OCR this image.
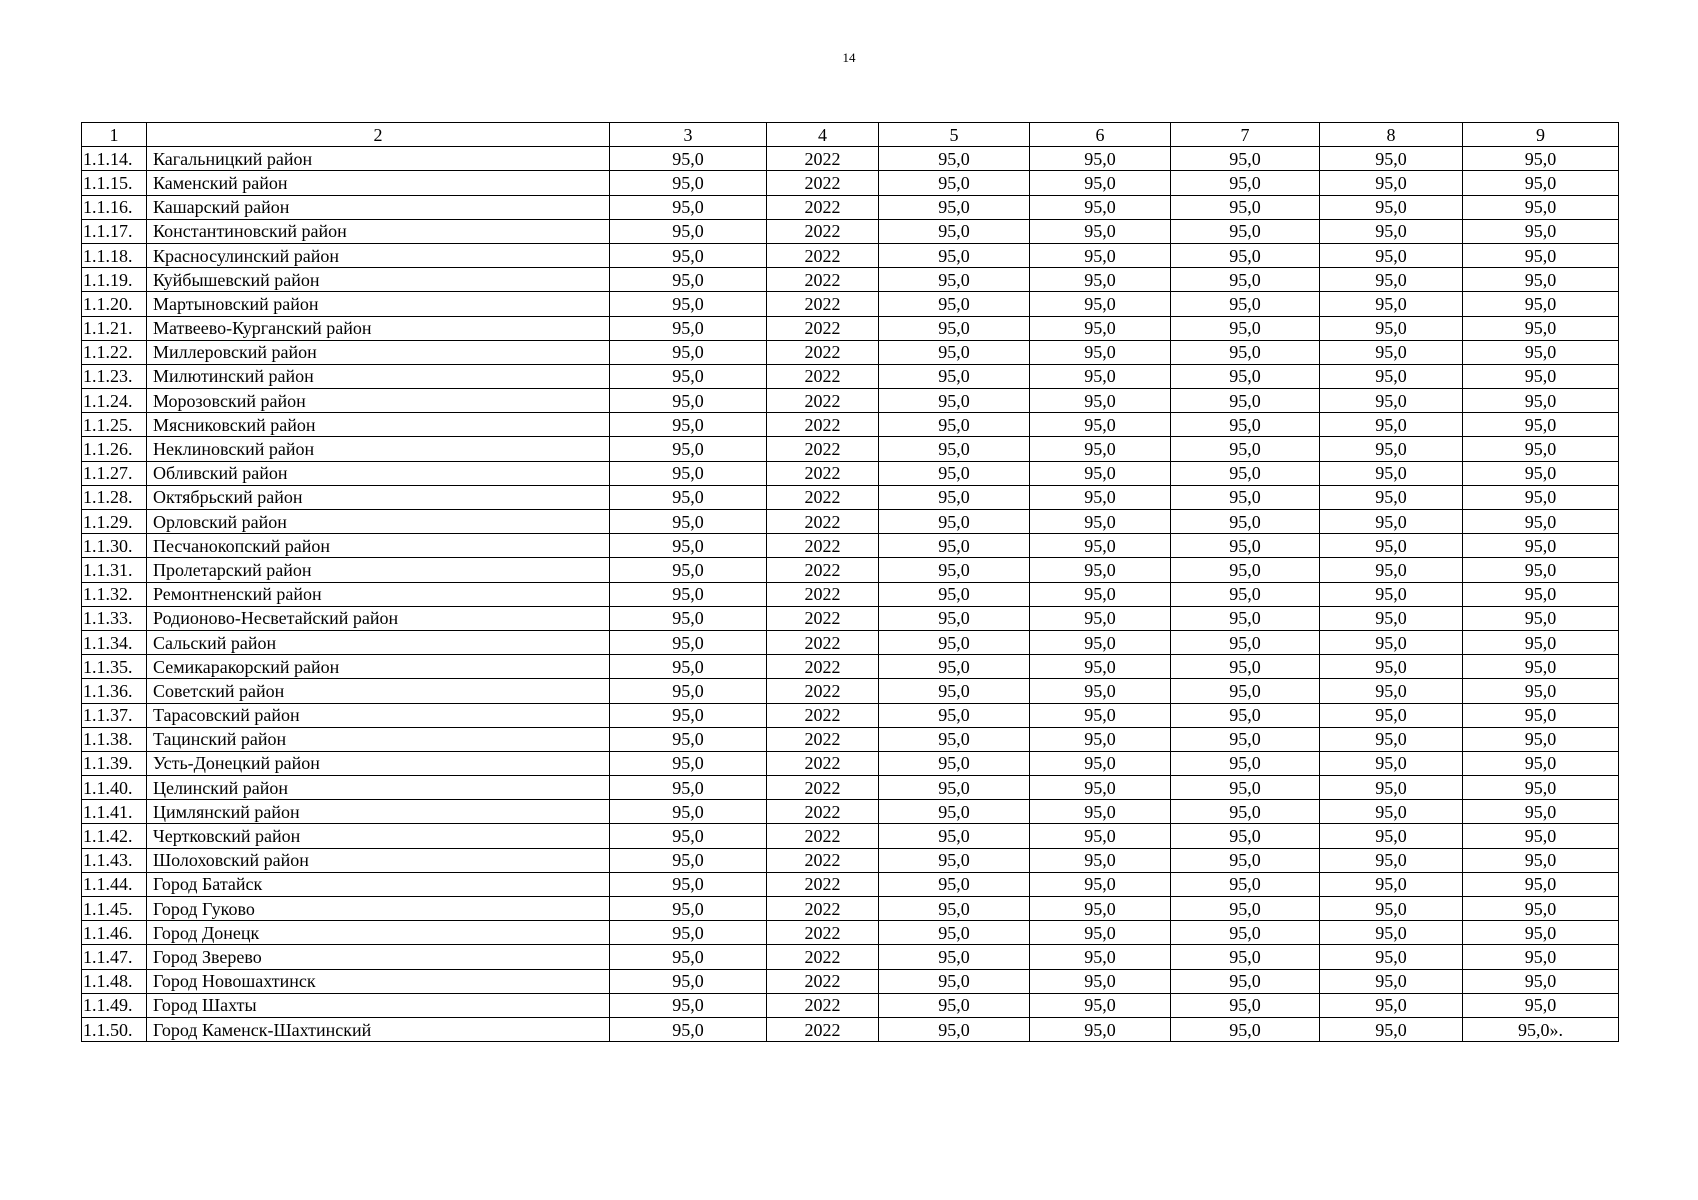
14
1	2	3	4	5	6	7	8	9
1.1.14.	Кагальницкий район	95,0	2022	95,0	95,0	95,0	95,0	95,0
1.1.15.	Каменский район	95,0	2022	95,0	95,0	95,0	95,0	95,0
1.1.16.	Кашарский район	95,0	2022	95,0	95,0	95,0	95,0	95,0
1.1.17.	Константиновский район	95,0	2022	95,0	95,0	95,0	95,0	95,0
1.1.18.	Красносулинский район	95,0	2022	95,0	95,0	95,0	95,0	95,0
1.1.19.	Куйбышевский район	95,0	2022	95,0	95,0	95,0	95,0	95,0
1.1.20.	Мартыновский район	95,0	2022	95,0	95,0	95,0	95,0	95,0
1.1.21.	Матвеево-Курганский район	95,0	2022	95,0	95,0	95,0	95,0	95,0
1.1.22.	Миллеровский район	95,0	2022	95,0	95,0	95,0	95,0	95,0
1.1.23.	Милютинский район	95,0	2022	95,0	95,0	95,0	95,0	95,0
1.1.24.	Морозовский район	95,0	2022	95,0	95,0	95,0	95,0	95,0
1.1.25.	Мясниковский район	95,0	2022	95,0	95,0	95,0	95,0	95,0
1.1.26.	Неклиновский район	95,0	2022	95,0	95,0	95,0	95,0	95,0
1.1.27.	Обливский район	95,0	2022	95,0	95,0	95,0	95,0	95,0
1.1.28.	Октябрьский район	95,0	2022	95,0	95,0	95,0	95,0	95,0
1.1.29.	Орловский район	95,0	2022	95,0	95,0	95,0	95,0	95,0
1.1.30.	Песчанокопский район	95,0	2022	95,0	95,0	95,0	95,0	95,0
1.1.31.	Пролетарский район	95,0	2022	95,0	95,0	95,0	95,0	95,0
1.1.32.	Ремонтненский район	95,0	2022	95,0	95,0	95,0	95,0	95,0
1.1.33.	Родионово-Несветайский район	95,0	2022	95,0	95,0	95,0	95,0	95,0
1.1.34.	Сальский район	95,0	2022	95,0	95,0	95,0	95,0	95,0
1.1.35.	Семикаракорский район	95,0	2022	95,0	95,0	95,0	95,0	95,0
1.1.36.	Советский район	95,0	2022	95,0	95,0	95,0	95,0	95,0
1.1.37.	Тарасовский район	95,0	2022	95,0	95,0	95,0	95,0	95,0
1.1.38.	Тацинский район	95,0	2022	95,0	95,0	95,0	95,0	95,0
1.1.39.	Усть-Донецкий район	95,0	2022	95,0	95,0	95,0	95,0	95,0
1.1.40.	Целинский район	95,0	2022	95,0	95,0	95,0	95,0	95,0
1.1.41.	Цимлянский район	95,0	2022	95,0	95,0	95,0	95,0	95,0
1.1.42.	Чертковский район	95,0	2022	95,0	95,0	95,0	95,0	95,0
1.1.43.	Шолоховский район	95,0	2022	95,0	95,0	95,0	95,0	95,0
1.1.44.	Город Батайск	95,0	2022	95,0	95,0	95,0	95,0	95,0
1.1.45.	Город Гуково	95,0	2022	95,0	95,0	95,0	95,0	95,0
1.1.46.	Город Донецк	95,0	2022	95,0	95,0	95,0	95,0	95,0
1.1.47.	Город Зверево	95,0	2022	95,0	95,0	95,0	95,0	95,0
1.1.48.	Город Новошахтинск	95,0	2022	95,0	95,0	95,0	95,0	95,0
1.1.49.	Город Шахты	95,0	2022	95,0	95,0	95,0	95,0	95,0
1.1.50.	Город Каменск-Шахтинский	95,0	2022	95,0	95,0	95,0	95,0	95,0».
